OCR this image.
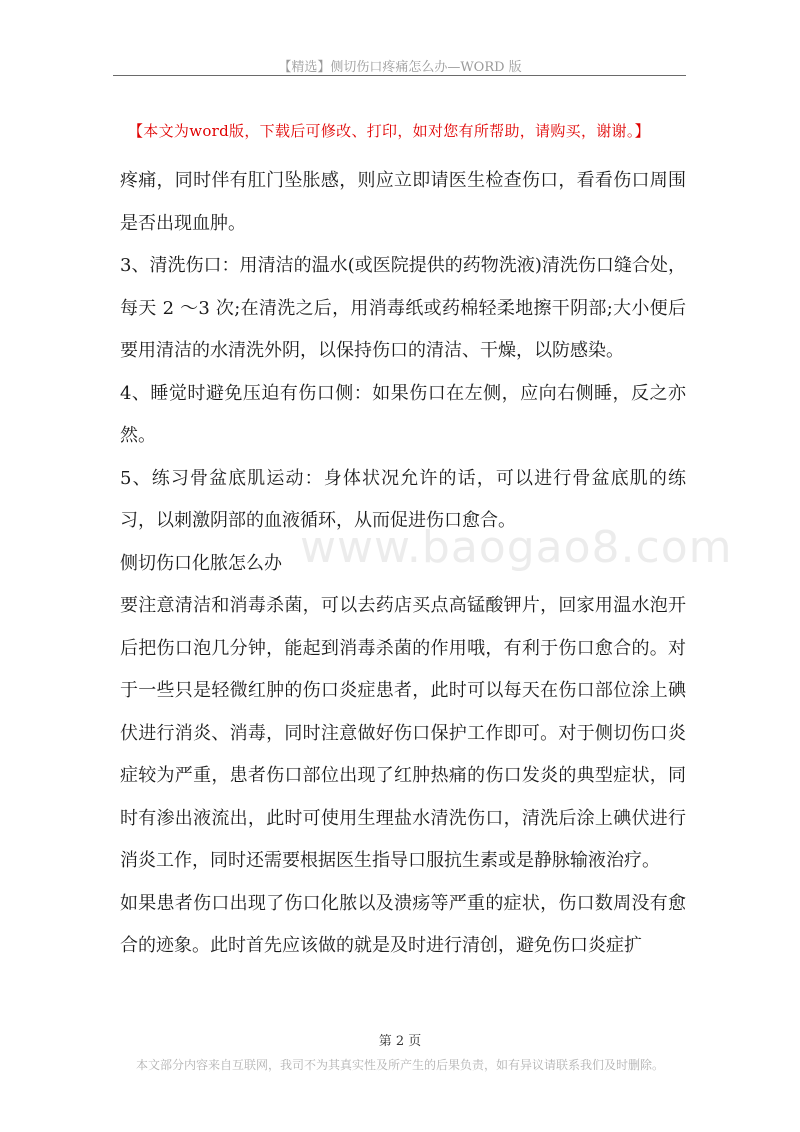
【精选】侧切伤口疼痛怎么办—WORD 版
【本文为word版，下载后可修改、打印，如对您有所帮助，请购买，谢谢。】
www.baogao8.com

疼痛，同时伴有肛门坠胀感，则应立即请医生检查伤口，看看伤口周围是否出现血肿。

3、清洗伤口：用清洁的温水(或医院提供的药物洗液)清洗伤口缝合处，每天 2 ～3 次;在清洗之后，用消毒纸或药棉轻柔地擦干阴部;大小便后要用清洁的水清洗外阴，以保持伤口的清洁、干燥，以防感染。

4、睡觉时避免压迫有伤口侧：如果伤口在左侧，应向右侧睡，反之亦然。

5、练习骨盆底肌运动：身体状况允许的话，可以进行骨盆底肌的练习，以刺激阴部的血液循环，从而促进伤口愈合。

侧切伤口化脓怎么办

要注意清洁和消毒杀菌，可以去药店买点高锰酸钾片，回家用温水泡开后把伤口泡几分钟，能起到消毒杀菌的作用哦，有利于伤口愈合的。对于一些只是轻微红肿的伤口炎症患者，此时可以每天在伤口部位涂上碘伏进行消炎、消毒，同时注意做好伤口保护工作即可。对于侧切伤口炎症较为严重，患者伤口部位出现了红肿热痛的伤口发炎的典型症状，同时有渗出液流出，此时可使用生理盐水清洗伤口，清洗后涂上碘伏进行消炎工作，同时还需要根据医生指导口服抗生素或是静脉输液治疗。

如果患者伤口出现了伤口化脓以及溃疡等严重的症状，伤口数周没有愈合的迹象。此时首先应该做的就是及时进行清创，避免伤口炎症扩

第 2 页
本文部分内容来自互联网，我司不为其真实性及所产生的后果负责，如有异议请联系我们及时删除。
